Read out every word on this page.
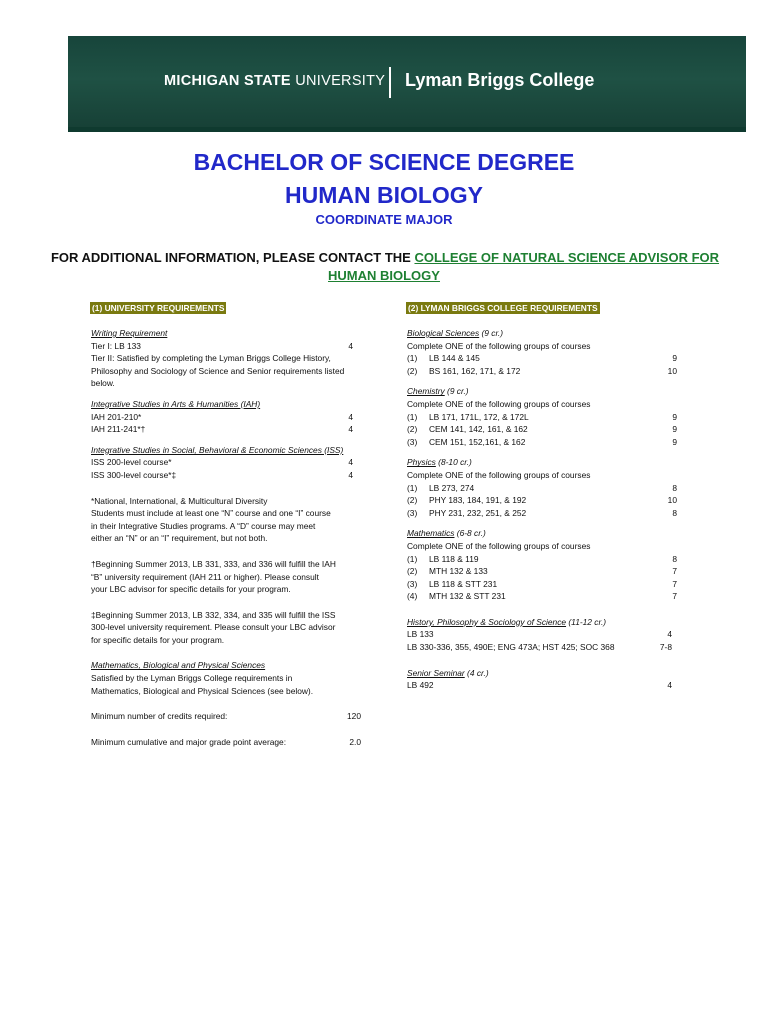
MICHIGAN STATE UNIVERSITY Lyman Briggs College
BACHELOR OF SCIENCE DEGREE
HUMAN BIOLOGY
COORDINATE MAJOR
FOR ADDITIONAL INFORMATION, PLEASE CONTACT THE COLLEGE OF NATURAL SCIENCE ADVISOR FOR
HUMAN BIOLOGY
(1) UNIVERSITY REQUIREMENTS	(2) LYMAN BRIGGS COLLEGE REQUIREMENTS
Writing Requirement
Tier I: LB 133	4
Tier II: Satisfied by completing the Lyman Briggs College History,
Philosophy and Sociology of Science and Senior requirements listed
below.
Integrative Studies in Arts & Humanities (IAH)
IAH 201-210*	4
IAH 211-241*†	4
Integrative Studies in Social, Behavioral & Economic Sciences (ISS)
ISS 200-level course*	4
ISS 300-level course*‡	4
*National, International, & Multicultural Diversity
Students must include at least one “N” course and one “I” course
in their Integrative Studies programs. A “D” course may meet
either an “N” or an “I” requirement, but not both.
†Beginning Summer 2013, LB 331, 333, and 336 will fulfill the IAH
“B” university requirement (IAH 211 or higher). Please consult
your LBC advisor for specific details for your program.
‡Beginning Summer 2013, LB 332, 334, and 335 will fulfill the ISS
300-level university requirement. Please consult your LBC advisor
for specific details for your program.
Mathematics, Biological and Physical Sciences
Satisfied by the Lyman Briggs College requirements in
Mathematics, Biological and Physical Sciences (see below).
Minimum number of credits required:	120
Minimum cumulative and major grade point average:	2.0
Biological Sciences (9 cr.)
Complete ONE of the following groups of courses
(1) LB 144 & 145	9
(2) BS 161, 162, 171, & 172	10
Chemistry (9 cr.)
Complete ONE of the following groups of courses
(1) LB 171, 171L, 172, & 172L	9
(2) CEM 141, 142, 161, & 162	9
(3) CEM 151, 152,161, & 162	9
Physics (8-10 cr.)
Complete ONE of the following groups of courses
(1) LB 273, 274	8
(2) PHY 183, 184, 191, & 192	10
(3) PHY 231, 232, 251, & 252	8
Mathematics (6-8 cr.)
Complete ONE of the following groups of courses
(1) LB 118 & 119	8
(2) MTH 132 & 133	7
(3) LB 118 & STT 231	7
(4) MTH 132 & STT 231	7
History, Philosophy & Sociology of Science (11-12 cr.)
LB 133	4
LB 330-336, 355, 490E; ENG 473A; HST 425; SOC 368	7-8
Senior Seminar (4 cr.)
LB 492	4
